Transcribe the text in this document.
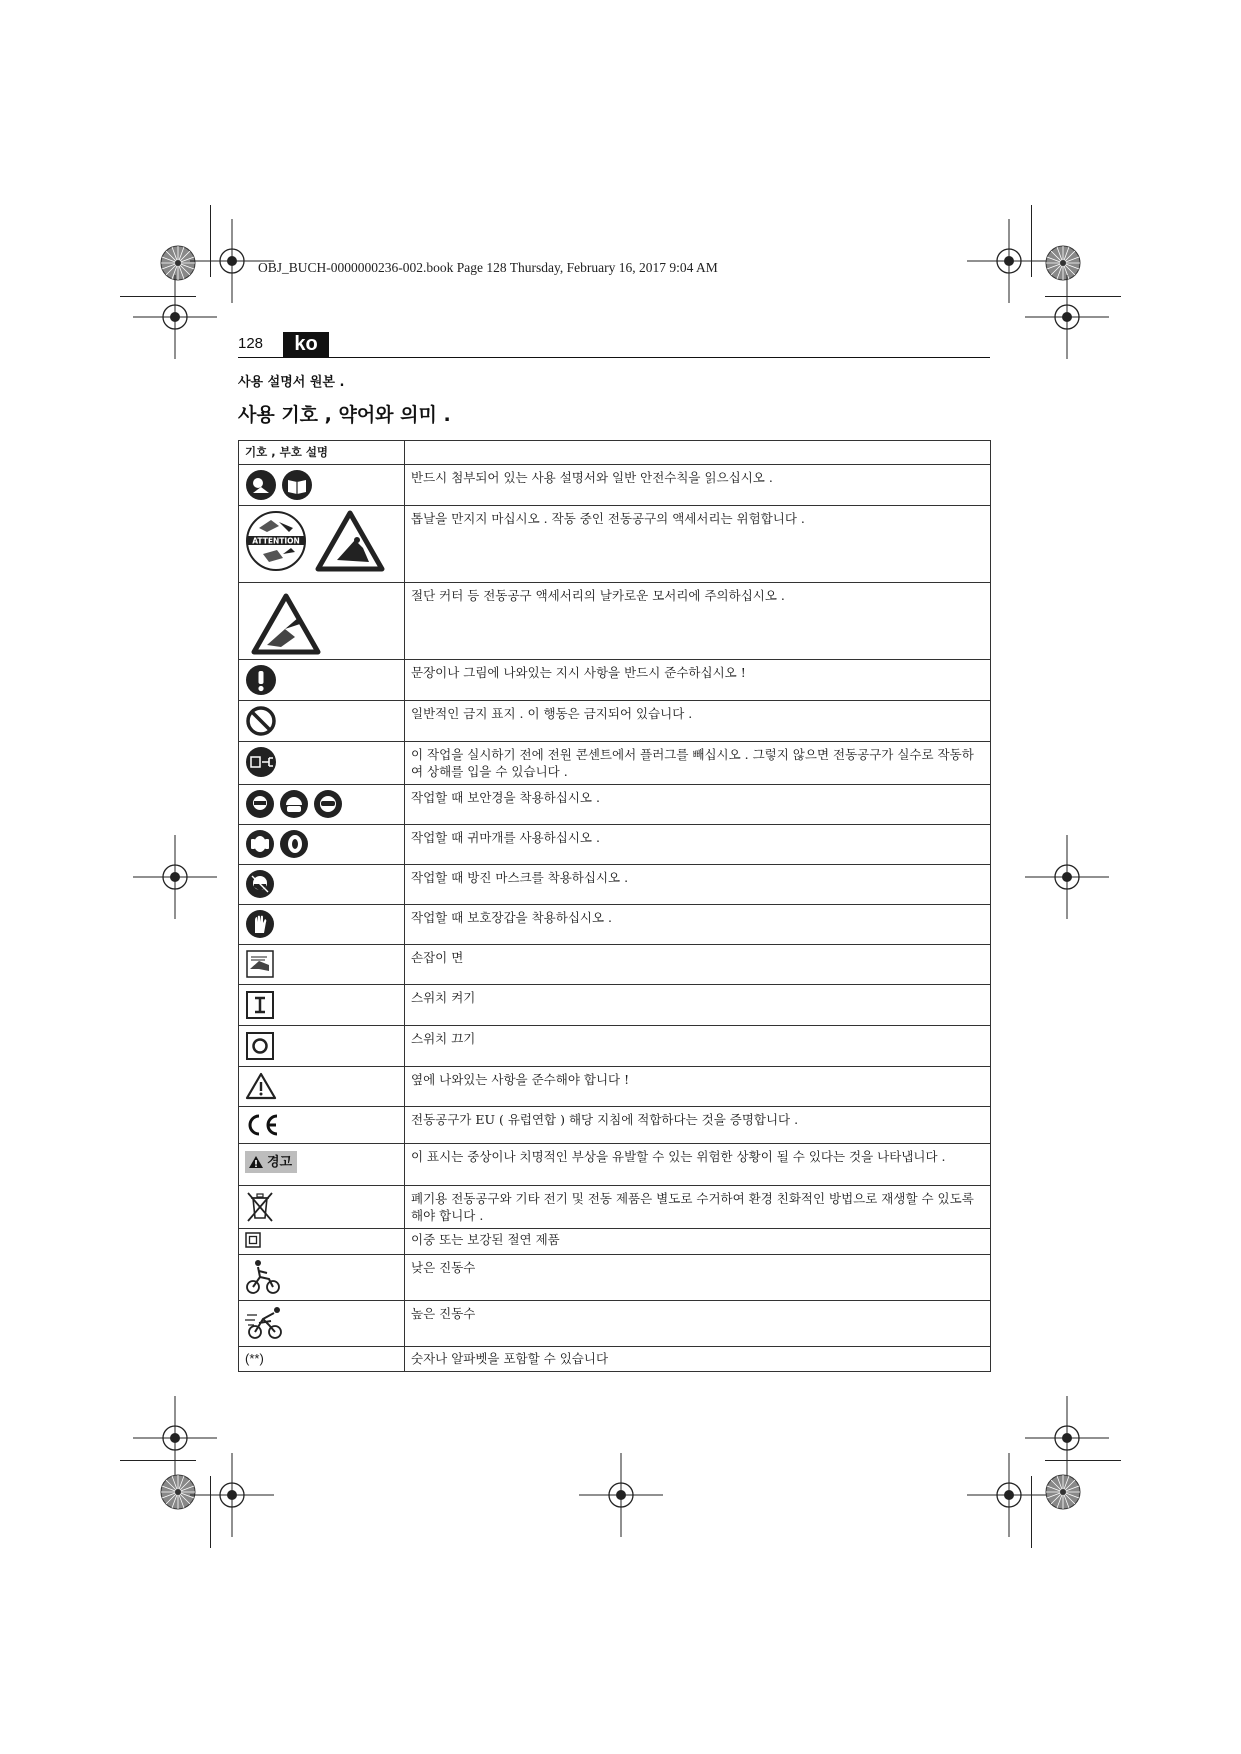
OBJ_BUCH-0000000236-002.book Page 128 Thursday, February 16, 2017 9:04 AM
128	ko
사용 설명서 원본 .
사용 기호 , 약어와 의미 .
기호 , 부호 설명	

	반드시 첨부되어 있는 사용 설명서와 일반 안전수칙을 읽으십시오 .

ATTENTION	톱날을 만지지 마십시오 . 작동 중인 전동공구의 액세서리는 위험합니다 .

	절단 커터 등 전동공구 액세서리의 날카로운 모서리에 주의하십시오 .

	문장이나 그림에 나와있는 지시 사항을 반드시 준수하십시오 !

	일반적인 금지 표지 . 이 행동은 금지되어 있습니다 .

	이 작업을 실시하기 전에 전원 콘센트에서 플러그를 빼십시오 . 그렇지 않으면 전동공구가 실수로 작동하여 상해를 입을 수 있습니다 .

	작업할 때 보안경을 착용하십시오 .

	작업할 때 귀마개를 사용하십시오 .

	작업할 때 방진 마스크를 착용하십시오 .

	작업할 때 보호장갑을 착용하십시오 .

	손잡이 면

	스위치 켜기

	스위치 끄기

	옆에 나와있는 사항을 준수해야 합니다 !

	전동공구가 EU ( 유럽연합 ) 해당 지침에 적합하다는 것을 증명합니다 .

경고	이 표시는 중상이나 치명적인 부상을 유발할 수 있는 위험한 상황이 될 수 있다는 것을 나타냅니다 .

	폐기용 전동공구와 기타 전기 및 전동 제품은 별도로 수거하여 환경 친화적인 방법으로 재생할 수 있도록 해야 합니다 .

	이중 또는 보강된 절연 제품

	낮은 진동수

	높은 진동수
(**)	숫자나 알파벳을 포함할 수 있습니다
